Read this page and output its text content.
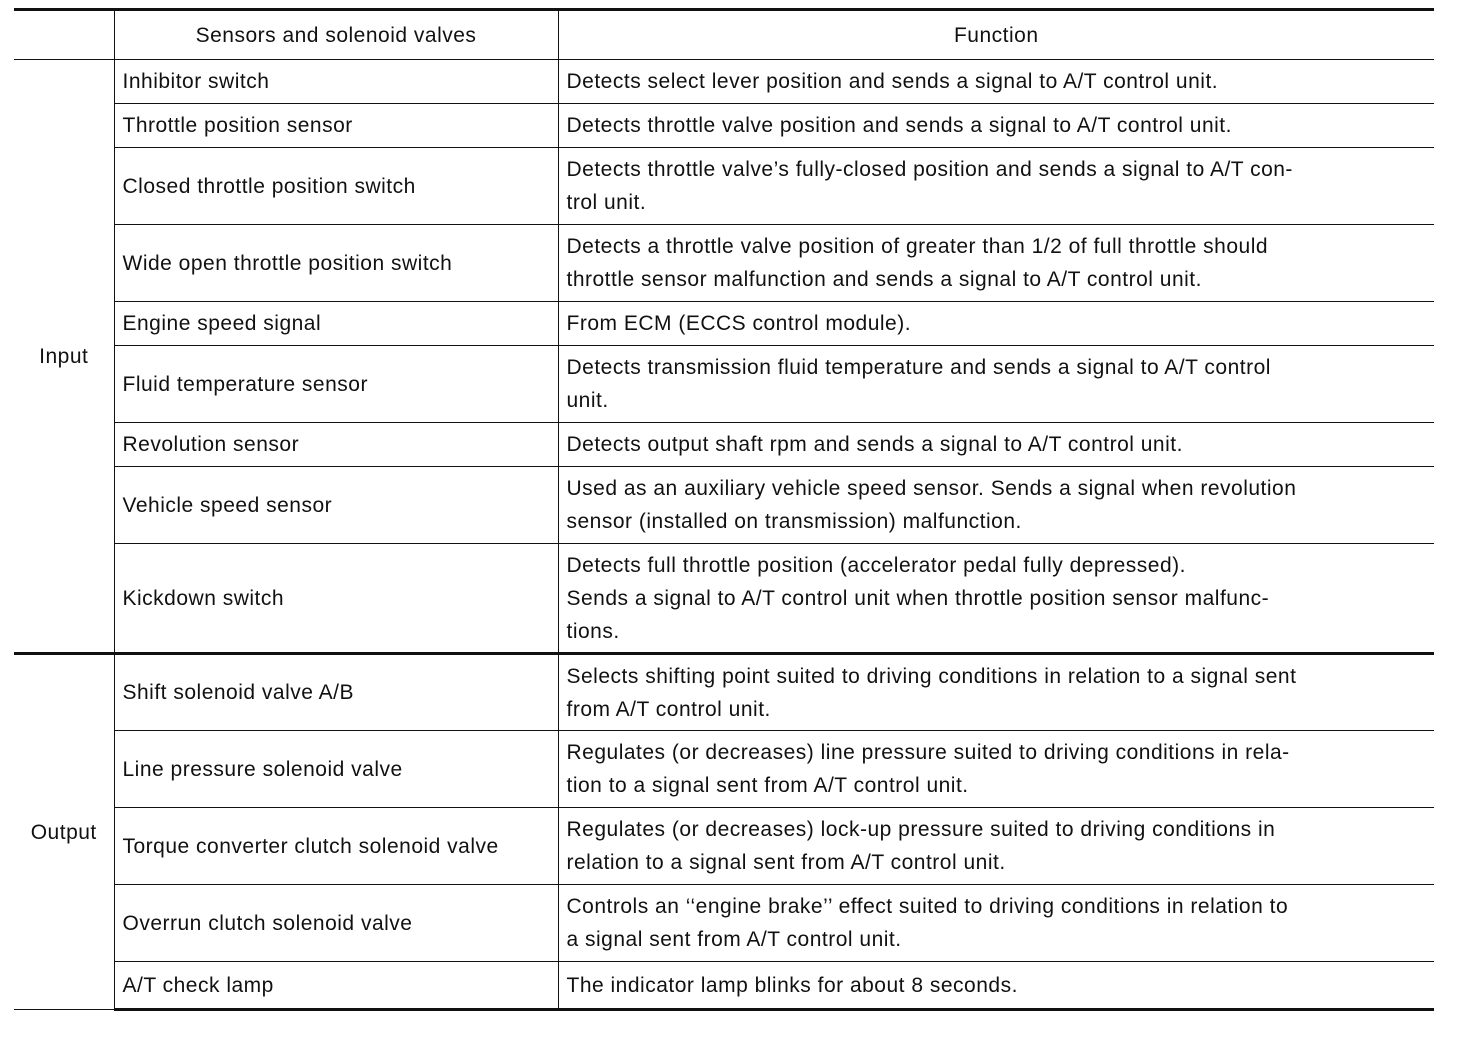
	Sensors and solenoid valves	Function
Input	Inhibitor switch	Detects select lever position and sends a signal to A/T control unit.

	Throttle position sensor	Detects throttle valve position and sends a signal to A/T control unit.

	Closed throttle position switch	Detects throttle valve’s fully-closed position and sends a signal to A/T con-
trol unit.

	Wide open throttle position switch	Detects a throttle valve position of greater than 1/2 of full throttle should
throttle sensor malfunction and sends a signal to A/T control unit.

	Engine speed signal	From ECM (ECCS control module).

	Fluid temperature sensor	Detects transmission fluid temperature and sends a signal to A/T control
unit.

	Revolution sensor	Detects output shaft rpm and sends a signal to A/T control unit.

	Vehicle speed sensor	Used as an auxiliary vehicle speed sensor. Sends a signal when revolution
sensor (installed on transmission) malfunction.

	Kickdown switch	Detects full throttle position (accelerator pedal fully depressed).
Sends a signal to A/T control unit when throttle position sensor malfunc-
tions.

Output	Shift solenoid valve A/B	Selects shifting point suited to driving conditions in relation to a signal sent
from A/T control unit.

	Line pressure solenoid valve	Regulates (or decreases) line pressure suited to driving conditions in rela-
tion to a signal sent from A/T control unit.

	Torque converter clutch solenoid valve	Regulates (or decreases) lock-up pressure suited to driving conditions in
relation to a signal sent from A/T control unit.

	Overrun clutch solenoid valve	Controls an ‘‘engine brake’’ effect suited to driving conditions in relation to
a signal sent from A/T control unit.

	A/T check lamp	The indicator lamp blinks for about 8 seconds.
